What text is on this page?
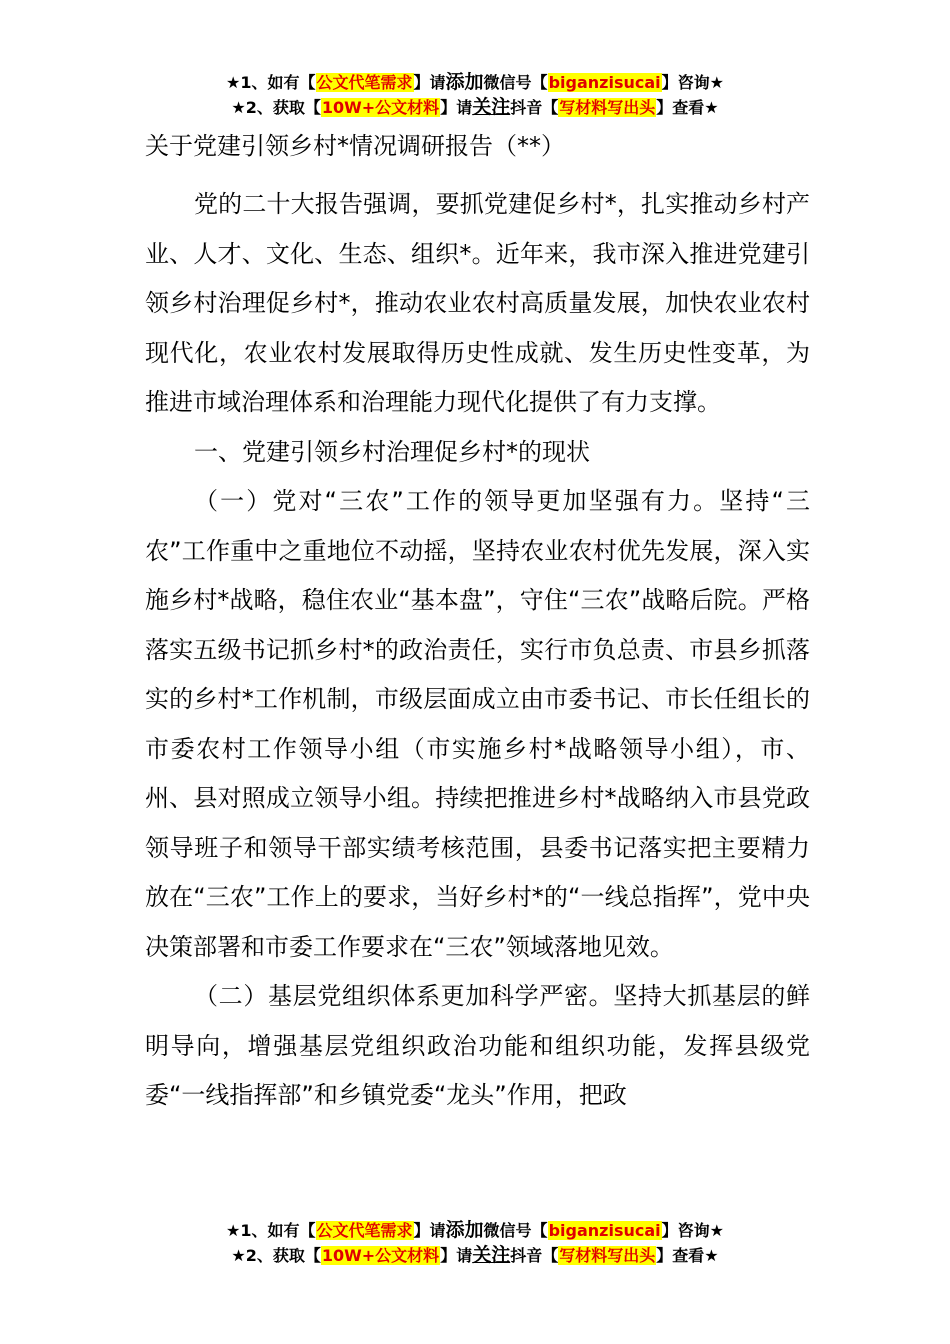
★1、如有【公文代笔需求】请添加微信号【biganzisucai】咨询★
★2、获取【10W+公文材料】请关注抖音【写材料写出头】查看★

关于党建引领乡村*情况调研报告（**）

党的二十大报告强调，要抓党建促乡村*，扎实推动乡村产业、人才、文化、生态、组织*。近年来，我市深入推进党建引领乡村治理促乡村*，推动农业农村高质量发展，加快农业农村现代化，农业农村发展取得历史性成就、发生历史性变革，为推进市域治理体系和治理能力现代化提供了有力支撑。

一、党建引领乡村治理促乡村*的现状

（一）党对“三农”工作的领导更加坚强有力。坚持“三农”工作重中之重地位不动摇，坚持农业农村优先发展，深入实施乡村*战略，稳住农业“基本盘”，守住“三农”战略后院。严格落实五级书记抓乡村*的政治责任，实行市负总责、市县乡抓落实的乡村*工作机制，市级层面成立由市委书记、市长任组长的市委农村工作领导小组（市实施乡村*战略领导小组），市、州、县对照成立领导小组。持续把推进乡村*战略纳入市县党政领导班子和领导干部实绩考核范围，县委书记落实把主要精力放在“三农”工作上的要求，当好乡村*的“一线总指挥”，党中央决策部署和市委工作要求在“三农”领域落地见效。

（二）基层党组织体系更加科学严密。坚持大抓基层的鲜明导向，增强基层党组织政治功能和组织功能，发挥县级党委“一线指挥部”和乡镇党委“龙头”作用，把政

★1、如有【公文代笔需求】请添加微信号【biganzisucai】咨询★
★2、获取【10W+公文材料】请关注抖音【写材料写出头】查看★
